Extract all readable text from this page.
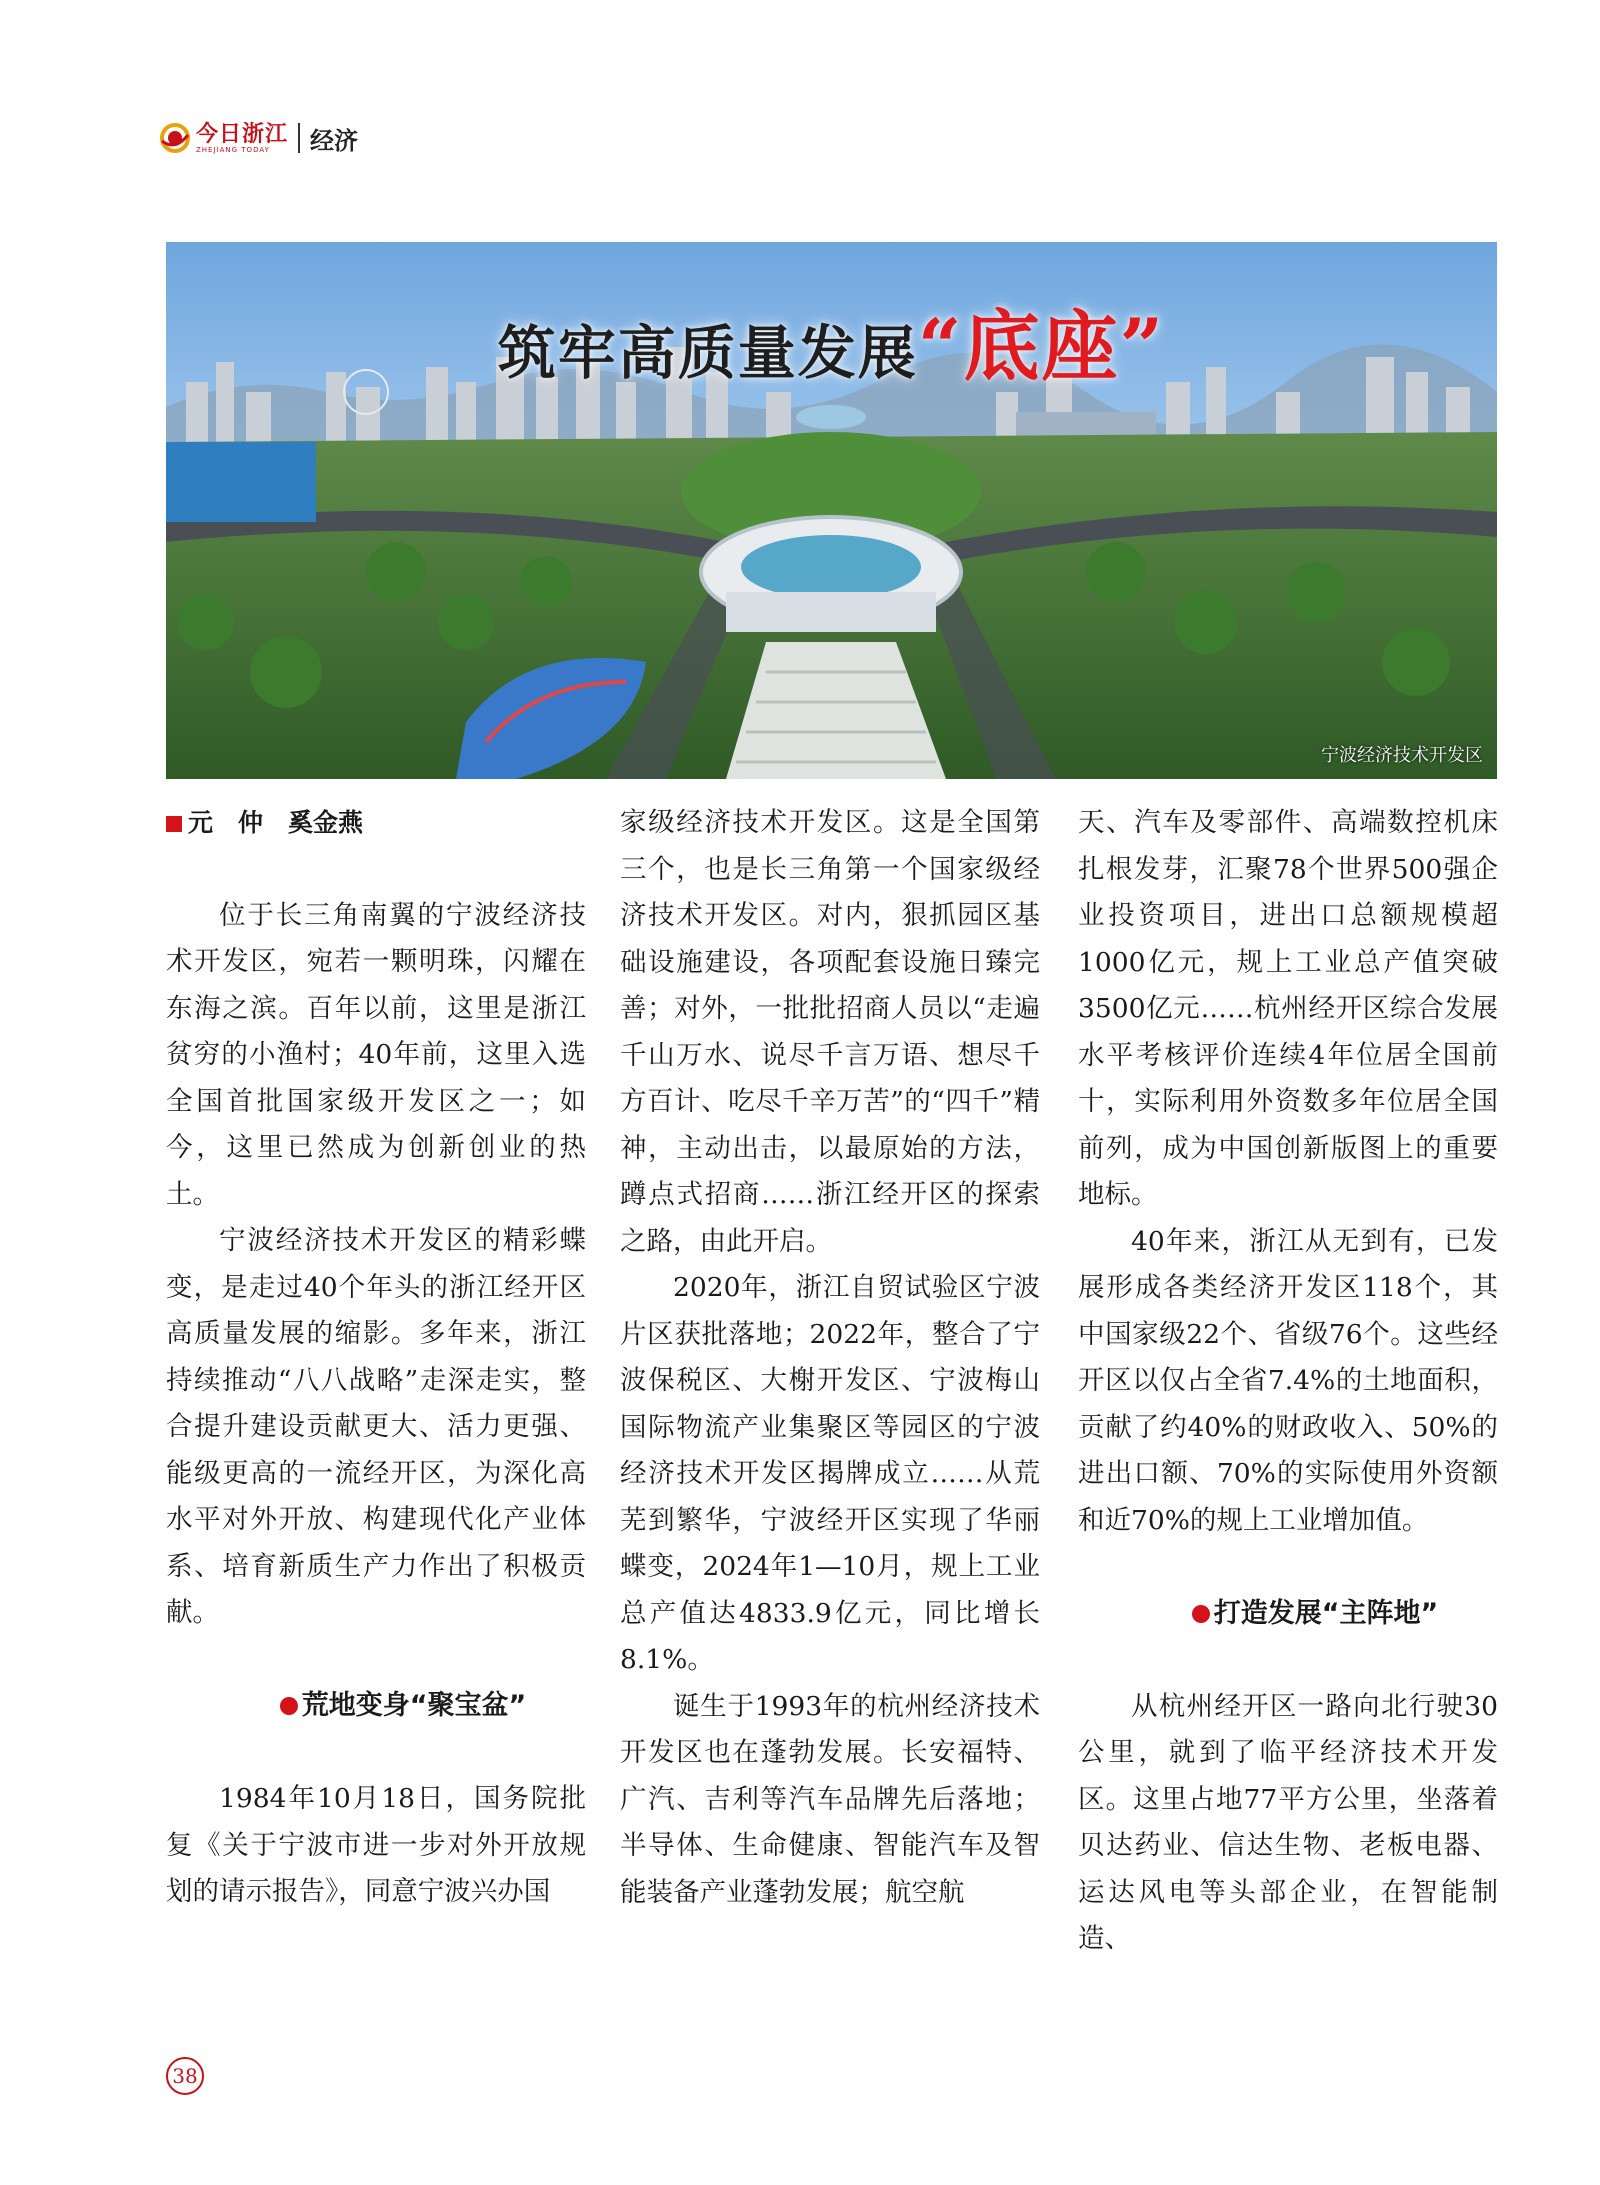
今日浙江
ZHEJIANG TODAY	经济
筑牢高质量发展“底座”
宁波经济技术开发区
元　仲　奚金燕

位于长三角南翼的宁波经济技术开发区，宛若一颗明珠，闪耀在东海之滨。百年以前，这里是浙江贫穷的小渔村；40年前，这里入选全国首批国家级开发区之一；如今，这里已然成为创新创业的热土。

宁波经济技术开发区的精彩蝶变，是走过40个年头的浙江经开区高质量发展的缩影。多年来，浙江持续推动“八八战略”走深走实，整合提升建设贡献更大、活力更强、能级更高的一流经开区，为深化高水平对外开放、构建现代化产业体系、培育新质生产力作出了积极贡献。

荒地变身“聚宝盆”

1984年10月18日，国务院批复《关于宁波市进一步对外开放规划的请示报告》，同意宁波兴办国

家级经济技术开发区。这是全国第三个，也是长三角第一个国家级经济技术开发区。对内，狠抓园区基础设施建设，各项配套设施日臻完善；对外，一批批招商人员以“走遍千山万水、说尽千言万语、想尽千方百计、吃尽千辛万苦”的“四千”精神，主动出击，以最原始的方法，蹲点式招商……浙江经开区的探索之路，由此开启。

2020年，浙江自贸试验区宁波片区获批落地；2022年，整合了宁波保税区、大榭开发区、宁波梅山国际物流产业集聚区等园区的宁波经济技术开发区揭牌成立……从荒芜到繁华，宁波经开区实现了华丽蝶变，2024年1—10月，规上工业总产值达4833.9亿元，同比增长8.1%。

诞生于1993年的杭州经济技术开发区也在蓬勃发展。长安福特、广汽、吉利等汽车品牌先后落地；半导体、生命健康、智能汽车及智能装备产业蓬勃发展；航空航

天、汽车及零部件、高端数控机床扎根发芽，汇聚78个世界500强企业投资项目，进出口总额规模超1000亿元，规上工业总产值突破3500亿元……杭州经开区综合发展水平考核评价连续4年位居全国前十，实际利用外资数多年位居全国前列，成为中国创新版图上的重要地标。

40年来，浙江从无到有，已发展形成各类经济开发区118个，其中国家级22个、省级76个。这些经开区以仅占全省7.4%的土地面积，贡献了约40%的财政收入、50%的进出口额、70%的实际使用外资额和近70%的规上工业增加值。

打造发展“主阵地”

从杭州经开区一路向北行驶30公里，就到了临平经济技术开发区。这里占地77平方公里，坐落着贝达药业、信达生物、老板电器、运达风电等头部企业，在智能制造、

38
